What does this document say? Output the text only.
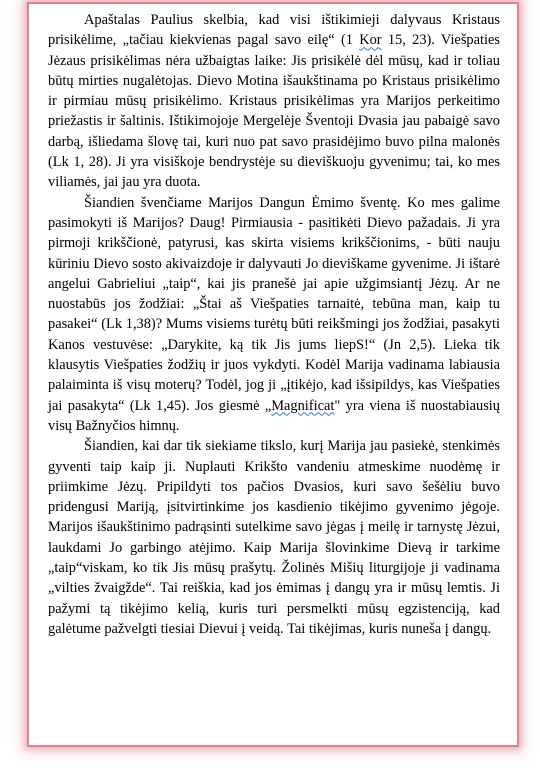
Apaštalas Paulius skelbia, kad visi ištikimieji dalyvaus Kristaus prisikėlime, „tačiau kiekvienas pagal savo eilę“ (1 Kor 15, 23). Viešpaties Jėzaus prisikėlimas nėra užbaigtas laike: Jis prisikėlė dėl mūsų, kad ir toliau būtų mirties nugalėtojas. Dievo Motina išaukštinama po Kristaus prisikėlimo ir pirmiau mūsų prisikėlimo. Kristaus prisikėlimas yra Marijos perkeitimo priežastis ir šaltinis. Ištikimojoje Mergelėje Šventoji Dvasia jau pabaigė savo darbą, išliedama šlovę tai, kuri nuo pat savo prasidėjimo buvo pilna malonės (Lk 1, 28). Ji yra visiškoje bendrystėje su dieviškuoju gyvenimu; tai, ko mes viliamės, jai jau yra duota.

Šiandien švenčiame Marijos Dangun Ėmimo šventę. Ko mes galime pasimokyti iš Marijos? Daug! Pirmiausia - pasitikėti Dievo pažadais. Ji yra pirmoji krikščionė, patyrusi, kas skirta visiems krikščionims, - būti nauju kūriniu Dievo sosto akivaizdoje ir dalyvauti Jo dieviškame gyvenime. Ji ištarė angelui Gabrieliui „taip“, kai jis pranešė jai apie užgimsiantį Jėzų. Ar ne nuostabūs jos žodžiai: „Štai aš Viešpaties tarnaitė, tebūna man, kaip tu pasakei“ (Lk 1,38)? Mums visiems turėtų būti reikšmingi jos žodžiai, pasakyti Kanos vestuvėse: „Darykite, ką tik Jis jums liepS!“ (Jn 2,5). Lieka tik klausytis Viešpaties žodžių ir juos vykdyti. Kodėl Marija vadinama labiausia palaiminta iš visų moterų? Todėl, jog ji „įtikėjo, kad išsipildys, kas Viešpaties jai pasakyta“ (Lk 1,45). Jos giesmė „Magnificat" yra viena iš nuostabiausių visų Bažnyčios himnų.

Šiandien, kai dar tik siekiame tikslo, kurį Marija jau pasiekė, stenkimės gyventi taip kaip ji. Nuplauti Krikšto vandeniu atmeskime nuodėmę ir priimkime Jėzų. Pripildyti tos pačios Dvasios, kuri savo šešėliu buvo pridengusi Mariją, įsitvirtinkime jos kasdienio tikėjimo gyvenimo jėgoje. Marijos išaukštinimo padrąsinti sutelkime savo jėgas į meilę ir tarnystę Jėzui, laukdami Jo garbingo atėjimo. Kaip Marija šlovinkime Dievą ir tarkime „taip“viskam, ko tik Jis mūsų prašytų. Žolinės Mišių liturgijoje ji vadinama „vilties žvaigžde“. Tai reiškia, kad jos ėmimas į dangų yra ir mūsų lemtis. Ji pažymi tą tikėjimo kelią, kuris turi persmelkti mūsų egzistenciją, kad galėtume pažvelgti tiesiai Dievui į veidą. Tai tikėjimas, kuris nuneša į dangų.
